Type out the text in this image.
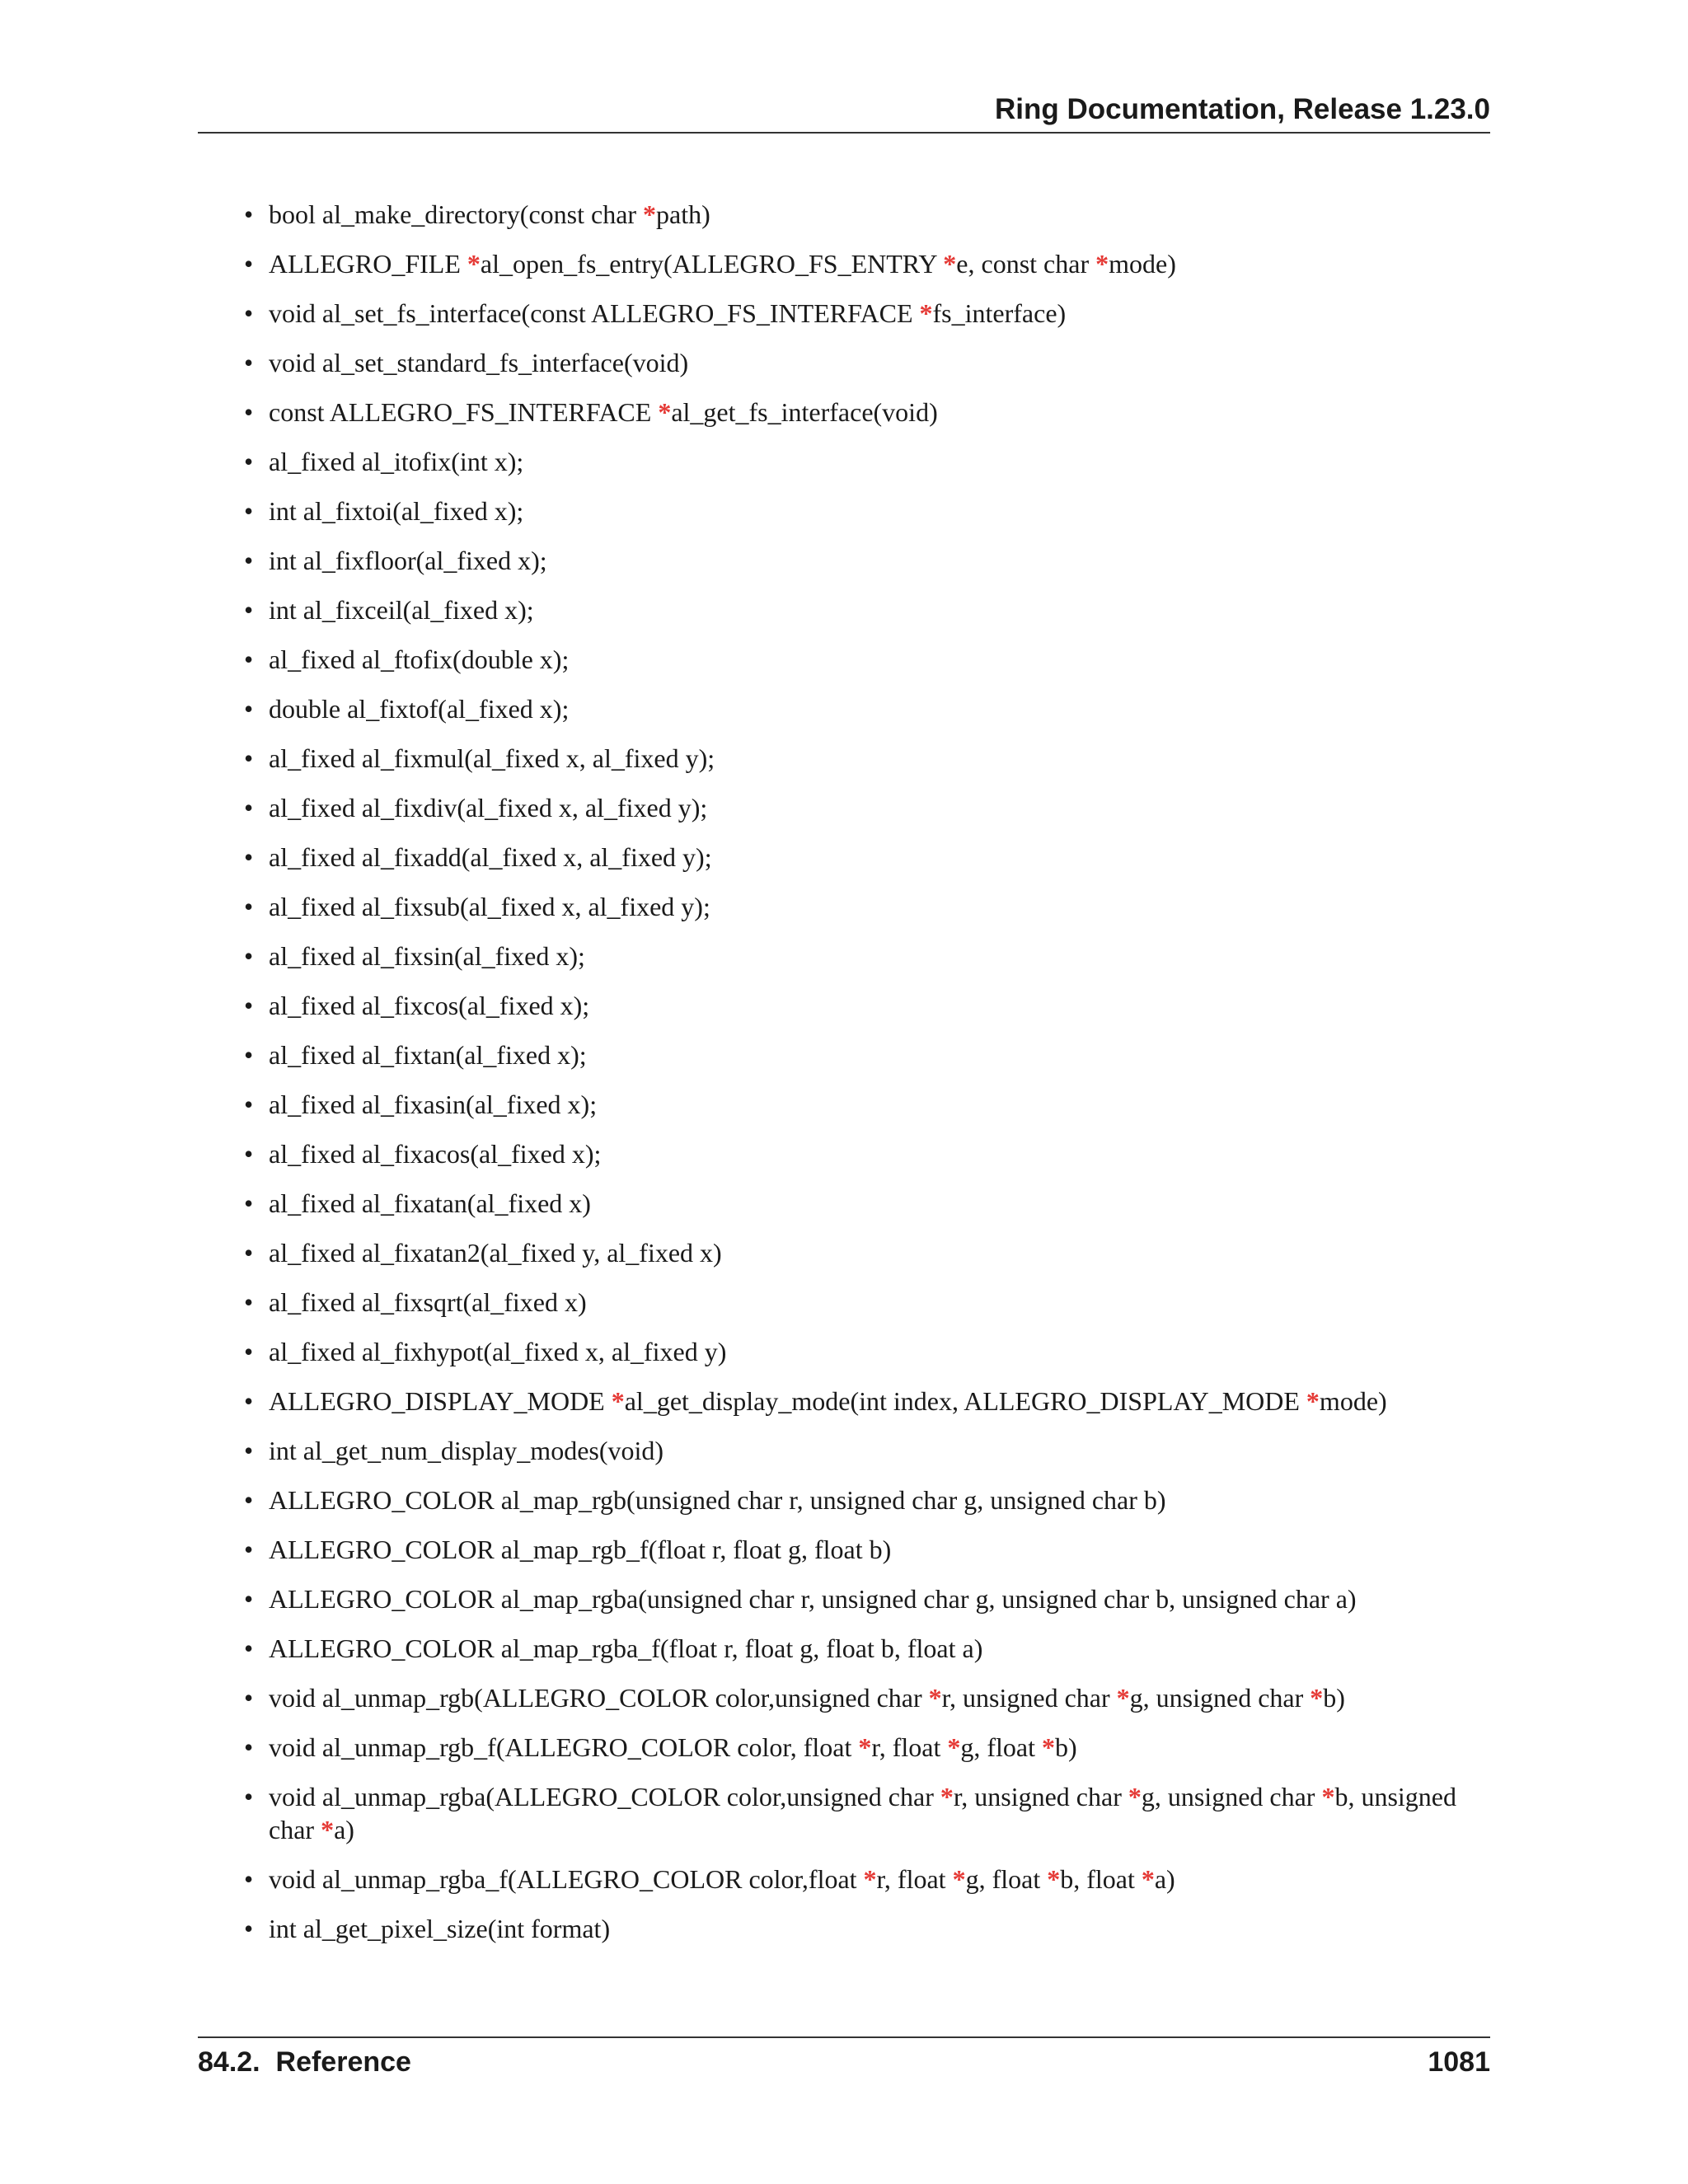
Ring Documentation, Release 1.23.0
• bool al_make_directory(const char *path)
• ALLEGRO_FILE *al_open_fs_entry(ALLEGRO_FS_ENTRY *e, const char *mode)
• void al_set_fs_interface(const ALLEGRO_FS_INTERFACE *fs_interface)
• void al_set_standard_fs_interface(void)
• const ALLEGRO_FS_INTERFACE *al_get_fs_interface(void)
• al_fixed al_itofix(int x);
• int al_fixtoi(al_fixed x);
• int al_fixfloor(al_fixed x);
• int al_fixceil(al_fixed x);
• al_fixed al_ftofix(double x);
• double al_fixtof(al_fixed x);
• al_fixed al_fixmul(al_fixed x, al_fixed y);
• al_fixed al_fixdiv(al_fixed x, al_fixed y);
• al_fixed al_fixadd(al_fixed x, al_fixed y);
• al_fixed al_fixsub(al_fixed x, al_fixed y);
• al_fixed al_fixsin(al_fixed x);
• al_fixed al_fixcos(al_fixed x);
• al_fixed al_fixtan(al_fixed x);
• al_fixed al_fixasin(al_fixed x);
• al_fixed al_fixacos(al_fixed x);
• al_fixed al_fixatan(al_fixed x)
• al_fixed al_fixatan2(al_fixed y, al_fixed x)
• al_fixed al_fixsqrt(al_fixed x)
• al_fixed al_fixhypot(al_fixed x, al_fixed y)
• ALLEGRO_DISPLAY_MODE *al_get_display_mode(int index, ALLEGRO_DISPLAY_MODE *mode)
• int al_get_num_display_modes(void)
• ALLEGRO_COLOR al_map_rgb(unsigned char r, unsigned char g, unsigned char b)
• ALLEGRO_COLOR al_map_rgb_f(float r, float g, float b)
• ALLEGRO_COLOR al_map_rgba(unsigned char r, unsigned char g, unsigned char b, unsigned char a)
• ALLEGRO_COLOR al_map_rgba_f(float r, float g, float b, float a)
• void al_unmap_rgb(ALLEGRO_COLOR color,unsigned char *r, unsigned char *g, unsigned char *b)
• void al_unmap_rgb_f(ALLEGRO_COLOR color, float *r, float *g, float *b)
• void al_unmap_rgba(ALLEGRO_COLOR color,unsigned char *r, unsigned char *g, unsigned char *b, unsigned char *a)
• void al_unmap_rgba_f(ALLEGRO_COLOR color,float *r, float *g, float *b, float *a)
• int al_get_pixel_size(int format)
84.2.  Reference	1081
